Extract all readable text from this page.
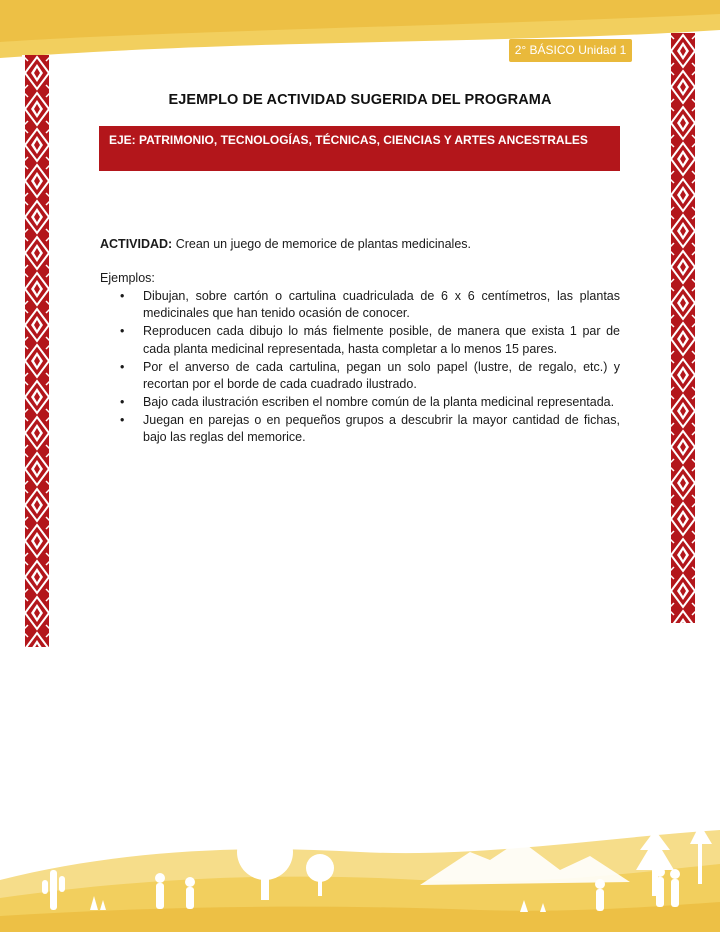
2° BÁSICO Unidad 1
EJEMPLO DE ACTIVIDAD SUGERIDA DEL PROGRAMA
EJE: PATRIMONIO, TECNOLOGÍAS, TÉCNICAS, CIENCIAS Y ARTES ANCESTRALES
ACTIVIDAD: Crean un juego de memorice de plantas medicinales.
Ejemplos:
• Dibujan, sobre cartón o cartulina cuadriculada de 6 x 6 centímetros, las plantas medicinales que han tenido ocasión de conocer.
• Reproducen cada dibujo lo más fielmente posible, de manera que exista 1 par de cada planta medicinal representada, hasta completar a lo menos 15 pares.
• Por el anverso de cada cartulina, pegan un solo papel (lustre, de regalo, etc.) y recortan por el borde de cada cuadrado ilustrado.
• Bajo cada ilustración escriben el nombre común de la planta medicinal representada.
• Juegan en parejas o en pequeños grupos a descubrir la mayor cantidad de fichas, bajo las reglas del memorice.
